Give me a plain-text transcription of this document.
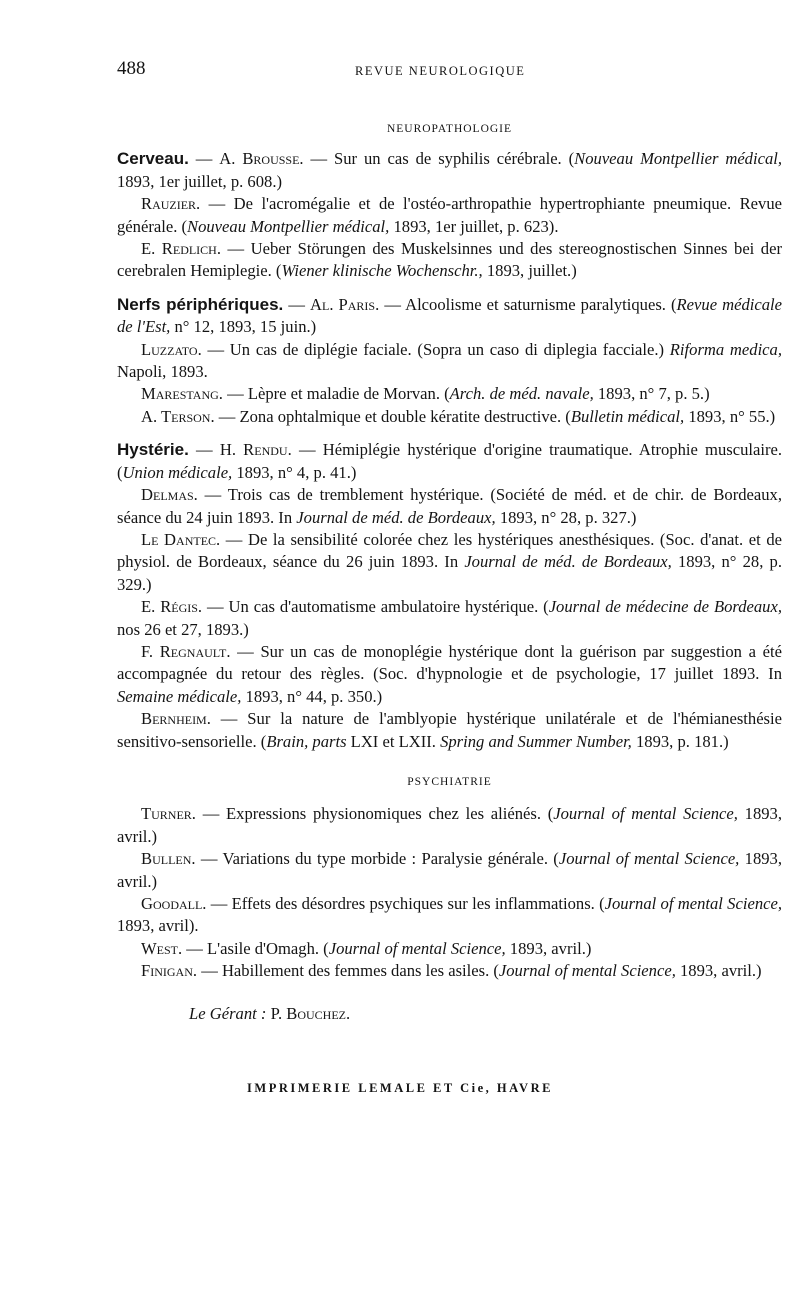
488	REVUE NEUROLOGIQUE
NEUROPATHOLOGIE

Cerveau. — A. Brousse. — Sur un cas de syphilis cérébrale. (Nouveau Montpellier médical, 1893, 1er juillet, p. 608.)

Rauzier. — De l'acromégalie et de l'ostéo-arthropathie hypertrophiante pneumique. Revue générale. (Nouveau Montpellier médical, 1893, 1er juillet, p. 623).

E. Redlich. — Ueber Störungen des Muskelsinnes und des stereognostischen Sinnes bei der cerebralen Hemiplegie. (Wiener klinische Wochenschr., 1893, juillet.)

Nerfs périphériques. — Al. Paris. — Alcoolisme et saturnisme paralytiques. (Revue médicale de l'Est, n° 12, 1893, 15 juin.)

Luzzato. — Un cas de diplégie faciale. (Sopra un caso di diplegia facciale.) Riforma medica, Napoli, 1893.

Marestang. — Lèpre et maladie de Morvan. (Arch. de méd. navale, 1893, n° 7, p. 5.)

A. Terson. — Zona ophtalmique et double kératite destructive. (Bulletin médical, 1893, n° 55.)

Hystérie. — H. Rendu. — Hémiplégie hystérique d'origine traumatique. Atrophie musculaire. (Union médicale, 1893, n° 4, p. 41.)

Delmas. — Trois cas de tremblement hystérique. (Société de méd. et de chir. de Bordeaux, séance du 24 juin 1893. In Journal de méd. de Bordeaux, 1893, n° 28, p. 327.)

Le Dantec. — De la sensibilité colorée chez les hystériques anesthésiques. (Soc. d'anat. et de physiol. de Bordeaux, séance du 26 juin 1893. In Journal de méd. de Bordeaux, 1893, n° 28, p. 329.)

E. Régis. — Un cas d'automatisme ambulatoire hystérique. (Journal de médecine de Bordeaux, nos 26 et 27, 1893.)

F. Regnault. — Sur un cas de monoplégie hystérique dont la guérison par suggestion a été accompagnée du retour des règles. (Soc. d'hypnologie et de psychologie, 17 juillet 1893. In Semaine médicale, 1893, n° 44, p. 350.)

Bernheim. — Sur la nature de l'amblyopie hystérique unilatérale et de l'hémianesthésie sensitivo-sensorielle. (Brain, parts LXI et LXII. Spring and Summer Number, 1893, p. 181.)

PSYCHIATRIE

Turner. — Expressions physionomiques chez les aliénés. (Journal of mental Science, 1893, avril.)

Bullen. — Variations du type morbide : Paralysie générale. (Journal of mental Science, 1893, avril.)

Goodall. — Effets des désordres psychiques sur les inflammations. (Journal of mental Science, 1893, avril).

West. — L'asile d'Omagh. (Journal of mental Science, 1893, avril.)

Finigan. — Habillement des femmes dans les asiles. (Journal of mental Science, 1893, avril.)

Le Gérant : P. Bouchez.
IMPRIMERIE LEMALE ET Cie, HAVRE
